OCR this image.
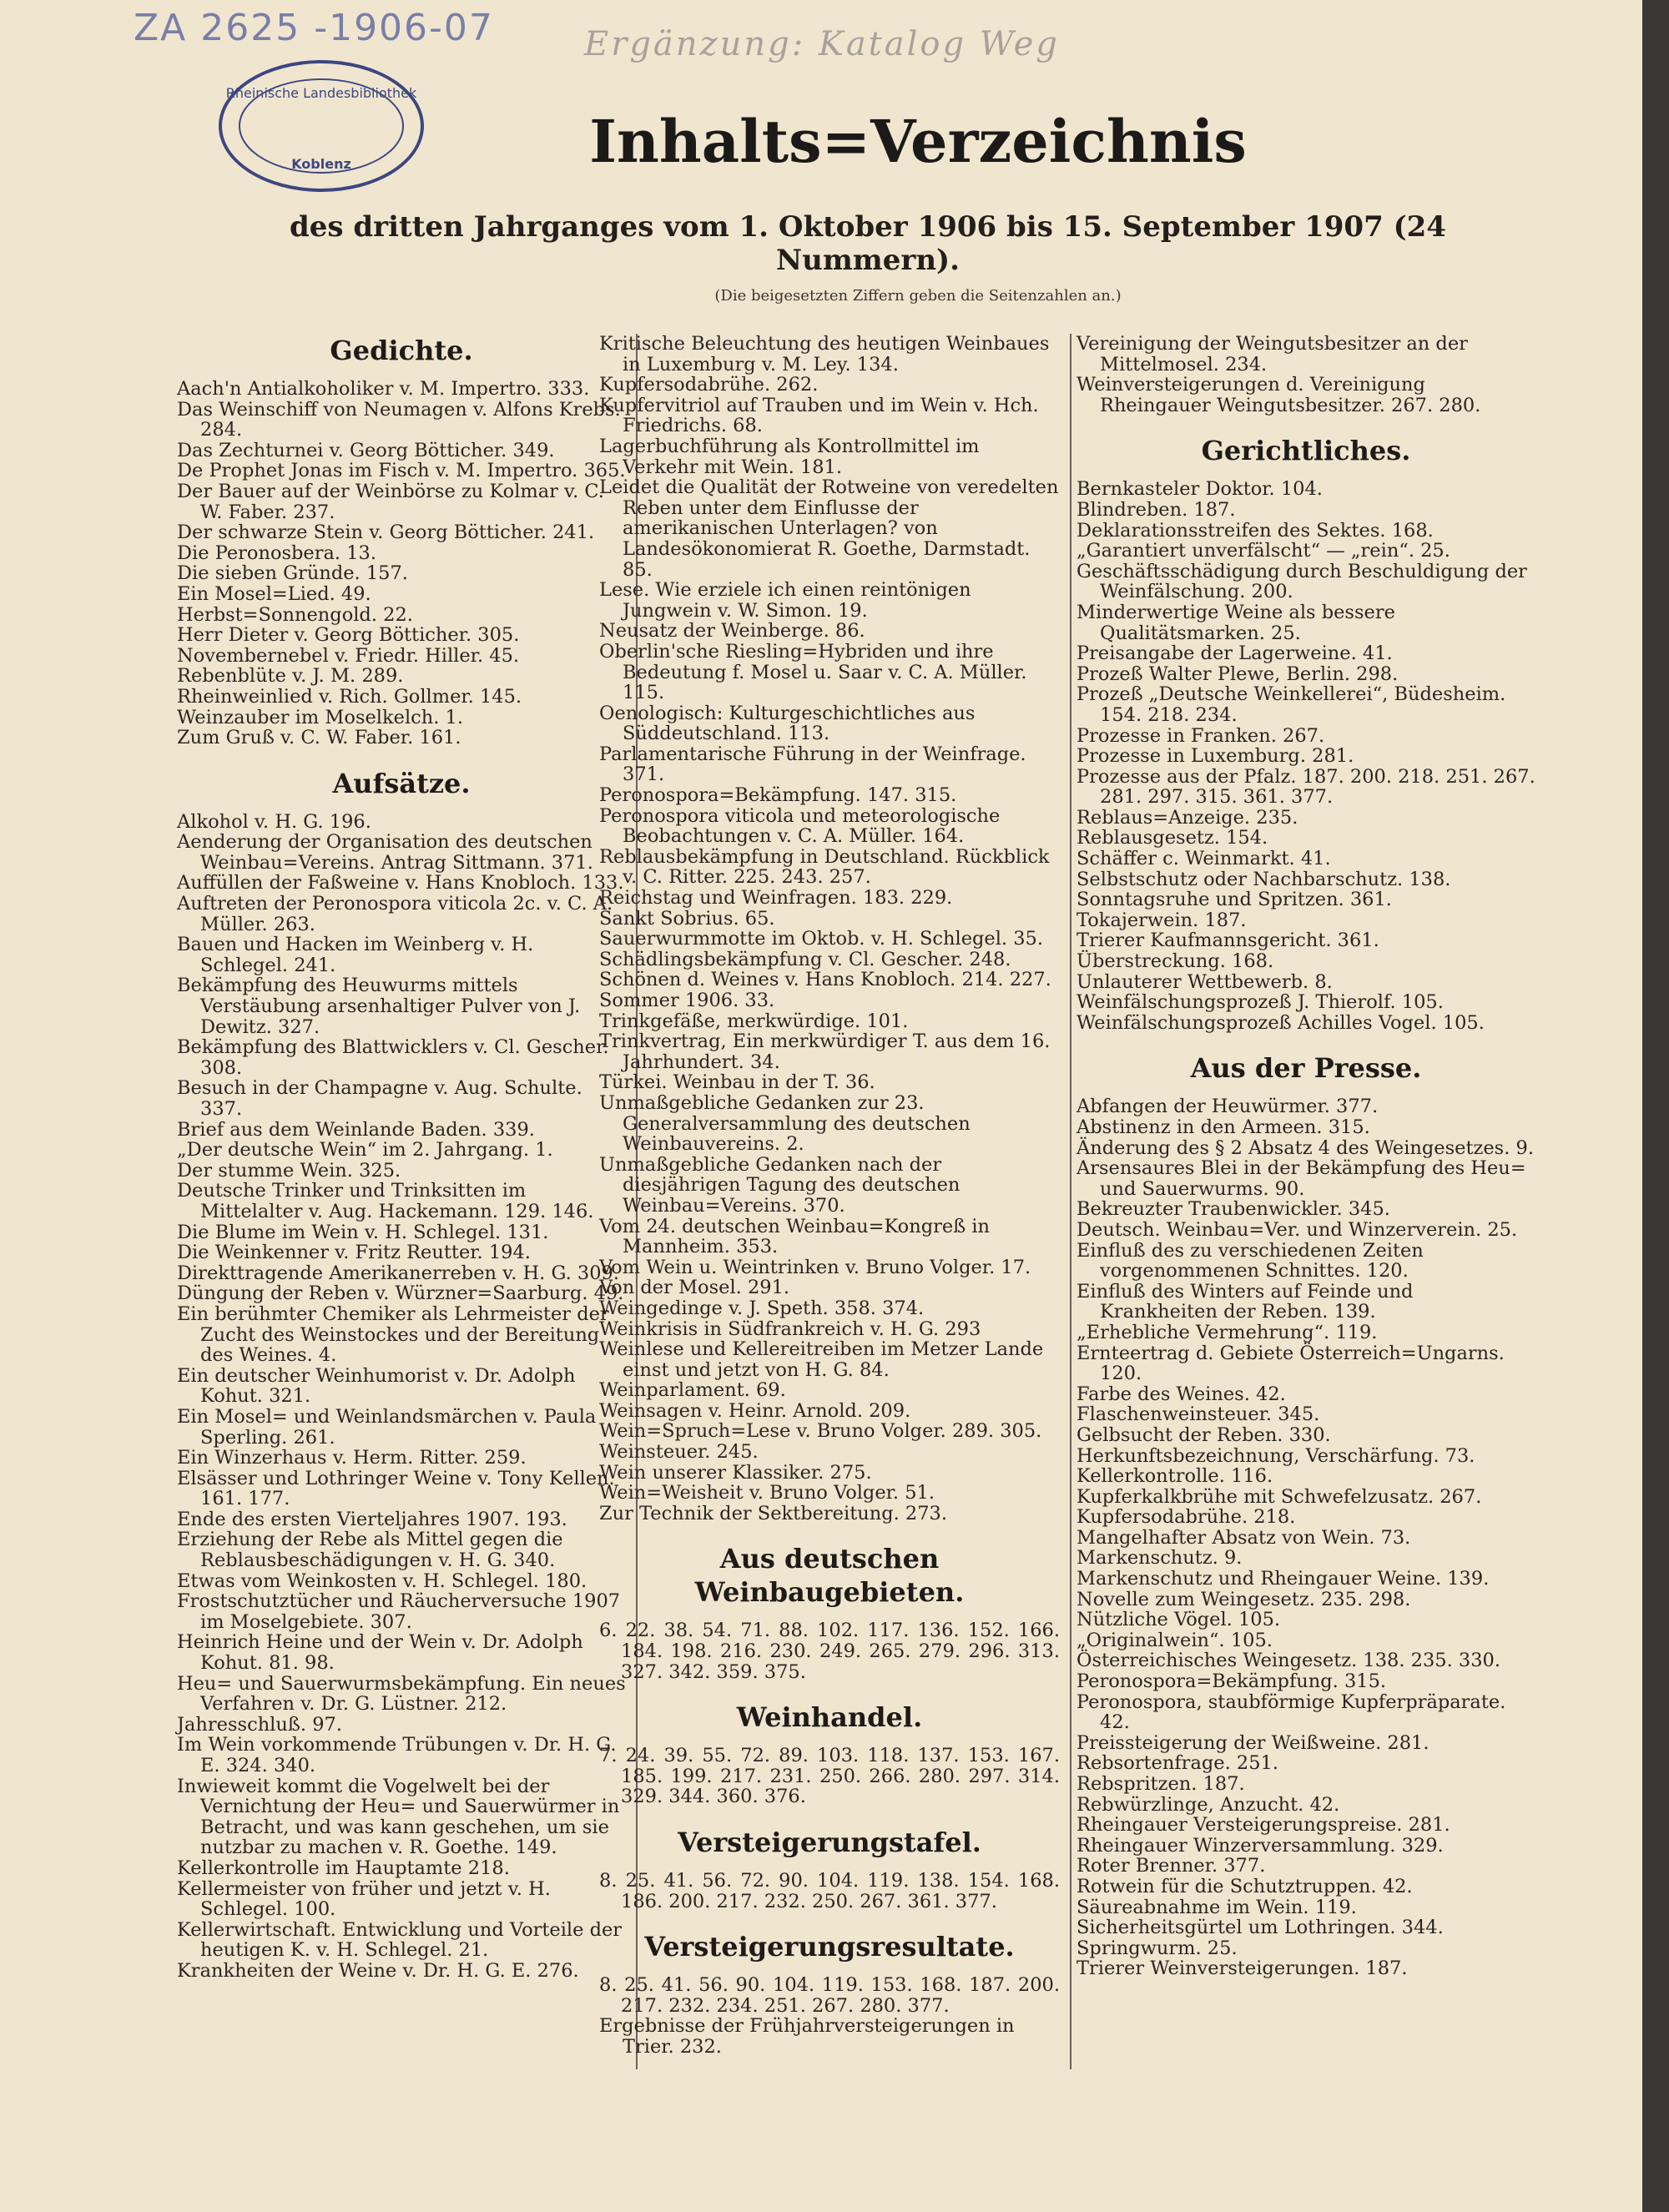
ZA 2625 -1906-07	Ergänzung: Katalog Weg
Rheinische Landesbibliothek
Koblenz	Inhalts=Verzeichnis
des dritten Jahrganges vom 1. Oktober 1906 bis 15. September 1907 (24 Nummern).
(Die beigesetzten Ziffern geben die Seitenzahlen an.)
Gedichte.
Aach'n Antialkoholiker v. M. Impertro. 333.
Das Weinschiff von Neumagen v. Alfons Krebs. 284.
Das Zechturnei v. Georg Bötticher. 349.
De Prophet Jonas im Fisch v. M. Impertro. 365.
Der Bauer auf der Weinbörse zu Kolmar v. C. W. Faber. 237.
Der schwarze Stein v. Georg Bötticher. 241.
Die Peronosbera. 13.
Die sieben Gründe. 157.
Ein Mosel=Lied. 49.
Herbst=Sonnengold. 22.
Herr Dieter v. Georg Bötticher. 305.
Novembernebel v. Friedr. Hiller. 45.
Rebenblüte v. J. M. 289.
Rheinweinlied v. Rich. Gollmer. 145.
Weinzauber im Moselkelch. 1.
Zum Gruß v. C. W. Faber. 161.
Aufsätze.
Alkohol v. H. G. 196.
Aenderung der Organisation des deutschen Weinbau=Vereins. Antrag Sittmann. 371.
Auffüllen der Faßweine v. Hans Knobloch. 133.
Auftreten der Peronospora viticola 2c. v. C. A. Müller. 263.
Bauen und Hacken im Weinberg v. H. Schlegel. 241.
Bekämpfung des Heuwurms mittels Verstäubung arsenhaltiger Pulver von J. Dewitz. 327.
Bekämpfung des Blattwicklers v. Cl. Gescher. 308.
Besuch in der Champagne v. Aug. Schulte. 337.
Brief aus dem Weinlande Baden. 339.
„Der deutsche Wein“ im 2. Jahrgang. 1.
Der stumme Wein. 325.
Deutsche Trinker und Trinksitten im Mittelalter v. Aug. Hackemann. 129. 146.
Die Blume im Wein v. H. Schlegel. 131.
Die Weinkenner v. Fritz Reutter. 194.
Direkttragende Amerikanerreben v. H. G. 309.
Düngung der Reben v. Würzner=Saarburg. 49.
Ein berühmter Chemiker als Lehrmeister der Zucht des Weinstockes und der Bereitung des Weines. 4.
Ein deutscher Weinhumorist v. Dr. Adolph Kohut. 321.
Ein Mosel= und Weinlandsmärchen v. Paula Sperling. 261.
Ein Winzerhaus v. Herm. Ritter. 259.
Elsässer und Lothringer Weine v. Tony Kellen. 161. 177.
Ende des ersten Vierteljahres 1907. 193.
Erziehung der Rebe als Mittel gegen die Reblausbeschädigungen v. H. G. 340.
Etwas vom Weinkosten v. H. Schlegel. 180.
Frostschutztücher und Räucherversuche 1907 im Moselgebiete. 307.
Heinrich Heine und der Wein v. Dr. Adolph Kohut. 81. 98.
Heu= und Sauerwurmsbekämpfung. Ein neues Verfahren v. Dr. G. Lüstner. 212.
Jahresschluß. 97.
Im Wein vorkommende Trübungen v. Dr. H. G. E. 324. 340.
Inwieweit kommt die Vogelwelt bei der Vernichtung der Heu= und Sauerwürmer in Betracht, und was kann geschehen, um sie nutzbar zu machen v. R. Goethe. 149.
Kellerkontrolle im Hauptamte 218.
Kellermeister von früher und jetzt v. H. Schlegel. 100.
Kellerwirtschaft. Entwicklung und Vorteile der heutigen K. v. H. Schlegel. 21.
Krankheiten der Weine v. Dr. H. G. E. 276.
Kritische Beleuchtung des heutigen Weinbaues in Luxemburg v. M. Ley. 134.
Kupfersodabrühe. 262.
Kupfervitriol auf Trauben und im Wein v. Hch. Friedrichs. 68.
Lagerbuchführung als Kontrollmittel im Verkehr mit Wein. 181.
Leidet die Qualität der Rotweine von veredelten Reben unter dem Einflusse der amerikanischen Unterlagen? von Landesökonomierat R. Goethe, Darmstadt. 85.
Lese. Wie erziele ich einen reintönigen Jungwein v. W. Simon. 19.
Neusatz der Weinberge. 86.
Oberlin'sche Riesling=Hybriden und ihre Bedeutung f. Mosel u. Saar v. C. A. Müller. 115.
Oenologisch: Kulturgeschichtliches aus Süddeutschland. 113.
Parlamentarische Führung in der Weinfrage. 371.
Peronospora=Bekämpfung. 147. 315.
Peronospora viticola und meteorologische Beobachtungen v. C. A. Müller. 164.
Reblausbekämpfung in Deutschland. Rückblick v. C. Ritter. 225. 243. 257.
Reichstag und Weinfragen. 183. 229.
Sankt Sobrius. 65.
Sauerwurmmotte im Oktob. v. H. Schlegel. 35.
Schädlingsbekämpfung v. Cl. Gescher. 248.
Schönen d. Weines v. Hans Knobloch. 214. 227.
Sommer 1906. 33.
Trinkgefäße, merkwürdige. 101.
Trinkvertrag, Ein merkwürdiger T. aus dem 16. Jahrhundert. 34.
Türkei. Weinbau in der T. 36.
Unmaßgebliche Gedanken zur 23. Generalversammlung des deutschen Weinbauvereins. 2.
Unmaßgebliche Gedanken nach der diesjährigen Tagung des deutschen Weinbau=Vereins. 370.
Vom 24. deutschen Weinbau=Kongreß in Mannheim. 353.
Vom Wein u. Weintrinken v. Bruno Volger. 17.
Von der Mosel. 291.
Weingedinge v. J. Speth. 358. 374.
Weinkrisis in Südfrankreich v. H. G. 293
Weinlese und Kellereitreiben im Metzer Lande einst und jetzt von H. G. 84.
Weinparlament. 69.
Weinsagen v. Heinr. Arnold. 209.
Wein=Spruch=Lese v. Bruno Volger. 289. 305.
Weinsteuer. 245.
Wein unserer Klassiker. 275.
Wein=Weisheit v. Bruno Volger. 51.
Zur Technik der Sektbereitung. 273.
Aus deutschen Weinbaugebieten.
6. 22. 38. 54. 71. 88. 102. 117. 136. 152. 166. 184. 198. 216. 230. 249. 265. 279. 296. 313. 327. 342. 359. 375.
Weinhandel.
7. 24. 39. 55. 72. 89. 103. 118. 137. 153. 167. 185. 199. 217. 231. 250. 266. 280. 297. 314. 329. 344. 360. 376.
Versteigerungstafel.
8. 25. 41. 56. 72. 90. 104. 119. 138. 154. 168. 186. 200. 217. 232. 250. 267. 361. 377.
Versteigerungsresultate.
8. 25. 41. 56. 90. 104. 119. 153. 168. 187. 200. 217. 232. 234. 251. 267. 280. 377.
Ergebnisse der Frühjahrversteigerungen in Trier. 232.
Vereinigung der Weingutsbesitzer an der Mittelmosel. 234.
Weinversteigerungen d. Vereinigung Rheingauer Weingutsbesitzer. 267. 280.
Gerichtliches.
Bernkasteler Doktor. 104.
Blindreben. 187.
Deklarationsstreifen des Sektes. 168.
„Garantiert unverfälscht“ — „rein“. 25.
Geschäftsschädigung durch Beschuldigung der Weinfälschung. 200.
Minderwertige Weine als bessere Qualitätsmarken. 25.
Preisangabe der Lagerweine. 41.
Prozeß Walter Plewe, Berlin. 298.
Prozeß „Deutsche Weinkellerei“, Büdesheim. 154. 218. 234.
Prozesse in Franken. 267.
Prozesse in Luxemburg. 281.
Prozesse aus der Pfalz. 187. 200. 218. 251. 267. 281. 297. 315. 361. 377.
Reblaus=Anzeige. 235.
Reblausgesetz. 154.
Schäffer c. Weinmarkt. 41.
Selbstschutz oder Nachbarschutz. 138.
Sonntagsruhe und Spritzen. 361.
Tokajerwein. 187.
Trierer Kaufmannsgericht. 361.
Überstreckung. 168.
Unlauterer Wettbewerb. 8.
Weinfälschungsprozeß J. Thierolf. 105.
Weinfälschungsprozeß Achilles Vogel. 105.
Aus der Presse.
Abfangen der Heuwürmer. 377.
Abstinenz in den Armeen. 315.
Änderung des § 2 Absatz 4 des Weingesetzes. 9.
Arsensaures Blei in der Bekämpfung des Heu= und Sauerwurms. 90.
Bekreuzter Traubenwickler. 345.
Deutsch. Weinbau=Ver. und Winzerverein. 25.
Einfluß des zu verschiedenen Zeiten vorgenommenen Schnittes. 120.
Einfluß des Winters auf Feinde und Krankheiten der Reben. 139.
„Erhebliche Vermehrung“. 119.
Ernteertrag d. Gebiete Österreich=Ungarns. 120.
Farbe des Weines. 42.
Flaschenweinsteuer. 345.
Gelbsucht der Reben. 330.
Herkunftsbezeichnung, Verschärfung. 73.
Kellerkontrolle. 116.
Kupferkalkbrühe mit Schwefelzusatz. 267.
Kupfersodabrühe. 218.
Mangelhafter Absatz von Wein. 73.
Markenschutz. 9.
Markenschutz und Rheingauer Weine. 139.
Novelle zum Weingesetz. 235. 298.
Nützliche Vögel. 105.
„Originalwein“. 105.
Österreichisches Weingesetz. 138. 235. 330.
Peronospora=Bekämpfung. 315.
Peronospora, staubförmige Kupferpräparate. 42.
Preissteigerung der Weißweine. 281.
Rebsortenfrage. 251.
Rebspritzen. 187.
Rebwürzlinge, Anzucht. 42.
Rheingauer Versteigerungspreise. 281.
Rheingauer Winzerversammlung. 329.
Roter Brenner. 377.
Rotwein für die Schutztruppen. 42.
Säureabnahme im Wein. 119.
Sicherheitsgürtel um Lothringen. 344.
Springwurm. 25.
Trierer Weinversteigerungen. 187.
